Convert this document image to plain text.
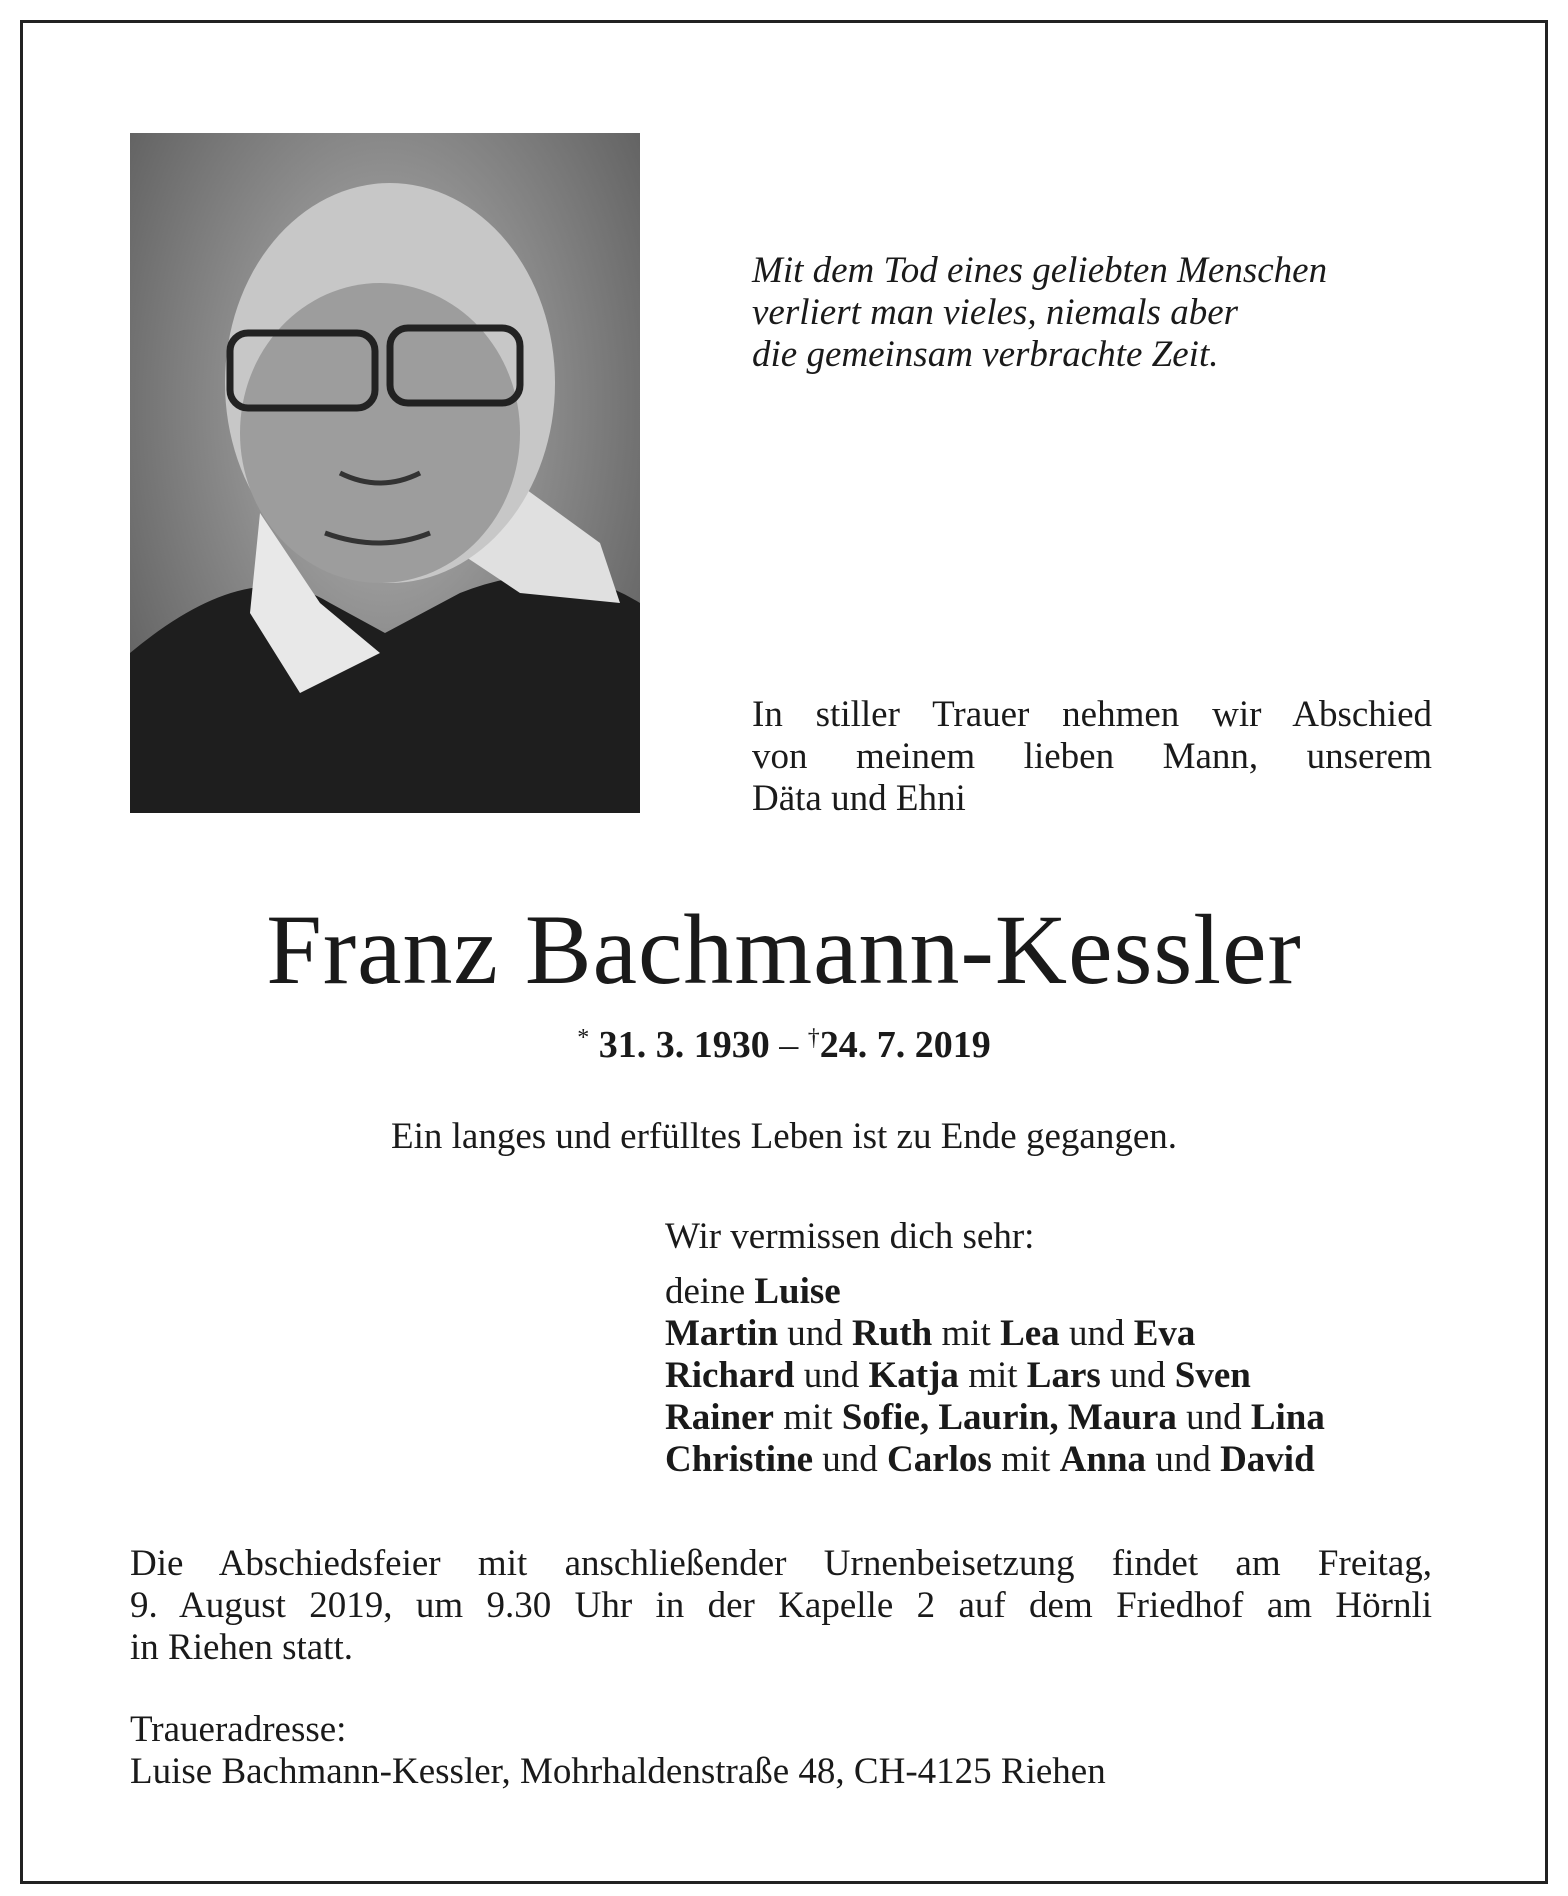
Mit dem Tod eines geliebten Menschen
verliert man vieles, niemals aber
die gemeinsam verbrachte Zeit.
In stiller Trauer nehmen wir Abschied
von meinem lieben Mann, unserem
Däta und Ehni
Franz Bachmann-Kessler
* 31. 3. 1930 – †24. 7. 2019
Ein langes und erfülltes Leben ist zu Ende gegangen.
Wir vermissen dich sehr:
deine Luise
Martin und Ruth mit Lea und Eva
Richard und Katja mit Lars und Sven
Rainer mit Sofie, Laurin, Maura und Lina
Christine und Carlos mit Anna und David
Die Abschiedsfeier mit anschließender Urnenbeisetzung findet am Freitag,
9. August 2019, um 9.30 Uhr in der Kapelle 2 auf dem Friedhof am Hörnli
in Riehen statt.
Traueradresse:
Luise Bachmann-Kessler, Mohrhaldenstraße 48, CH-4125 Riehen
